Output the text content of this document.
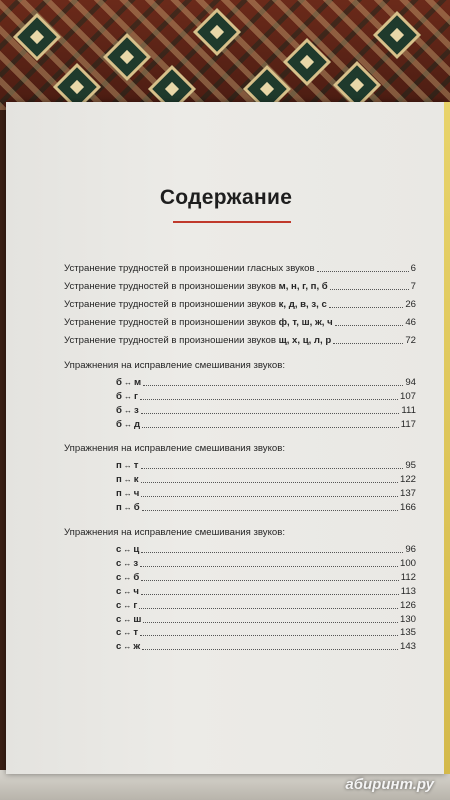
Содержание
Устранение трудностей в произношении гласных звуков	6
Устранение трудностей в произношении звуков м, н, г, п, б	7
Устранение трудностей в произношении звуков к, д, в, з, с	26
Устранение трудностей в произношении звуков ф, т, ш, ж, ч	46
Устранение трудностей в произношении звуков щ, х, ц, л, р	72
Упражнения на исправление смешивания звуков:
б ↔ м	94
б ↔ г	107
б ↔ з	111
б ↔ д	117
Упражнения на исправление смешивания звуков:
п ↔ т	95
п ↔ к	122
п ↔ ч	137
п ↔ б	166
Упражнения на исправление смешивания звуков:
с ↔ ц	96
с ↔ з	100
с ↔ б	112
с ↔ ч	113
с ↔ г	126
с ↔ ш	130
с ↔ т	135
с ↔ ж	143
абиринт.ру
